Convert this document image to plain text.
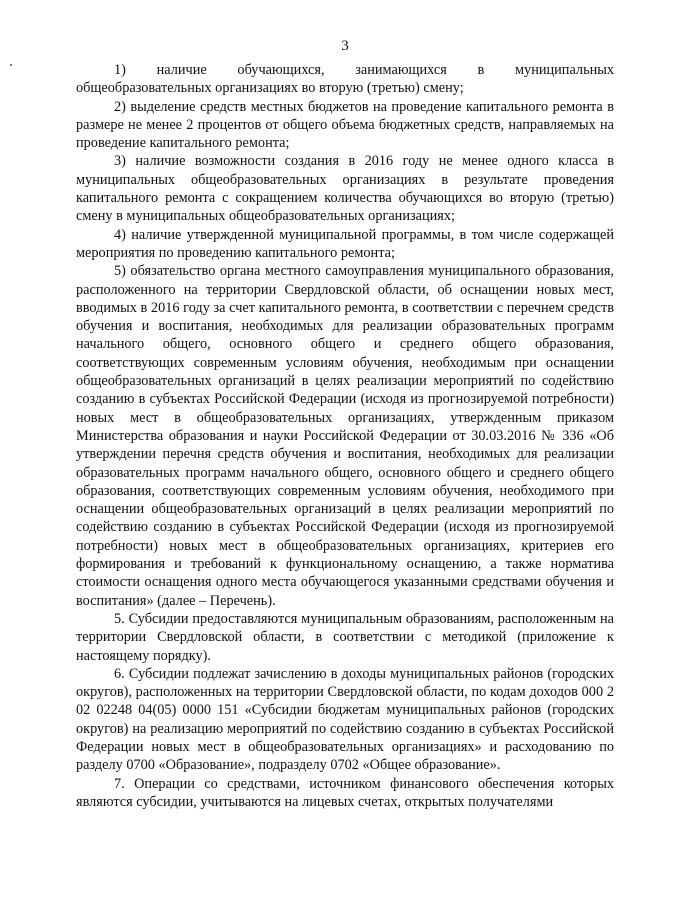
3

1) наличие обучающихся, занимающихся в муниципальных общеобразовательных организациях во вторую (третью) смену;

2) выделение средств местных бюджетов на проведение капитального ремонта в размере не менее 2 процентов от общего объема бюджетных средств, направляемых на проведение капитального ремонта;

3) наличие возможности создания в 2016 году не менее одного класса в муниципальных общеобразовательных организациях в результате проведения капитального ремонта с сокращением количества обучающихся во вторую (третью) смену в муниципальных общеобразовательных организациях;

4) наличие утвержденной муниципальной программы, в том числе содержащей мероприятия по проведению капитального ремонта;

5) обязательство органа местного самоуправления муниципального образования, расположенного на территории Свердловской области, об оснащении новых мест, вводимых в 2016 году за счет капитального ремонта, в соответствии с перечнем средств обучения и воспитания, необходимых для реализации образовательных программ начального общего, основного общего и среднего общего образования, соответствующих современным условиям обучения, необходимым при оснащении общеобразовательных организаций в целях реализации мероприятий по содействию созданию в субъектах Российской Федерации (исходя из прогнозируемой потребности) новых мест в общеобразовательных организациях, утвержденным приказом Министерства образования и науки Российской Федерации от 30.03.2016 № 336 «Об утверждении перечня средств обучения и воспитания, необходимых для реализации образовательных программ начального общего, основного общего и среднего общего образования, соответствующих современным условиям обучения, необходимого при оснащении общеобразовательных организаций в целях реализации мероприятий по содействию созданию в субъектах Российской Федерации (исходя из прогнозируемой потребности) новых мест в общеобразовательных организациях, критериев его формирования и требований к функциональному оснащению, а также норматива стоимости оснащения одного места обучающегося указанными средствами обучения и воспитания» (далее – Перечень).

5. Субсидии предоставляются муниципальным образованиям, расположенным на территории Свердловской области, в соответствии с методикой (приложение к настоящему порядку).

6. Субсидии подлежат зачислению в доходы муниципальных районов (городских округов), расположенных на территории Свердловской области, по кодам доходов 000 2 02 02248 04(05) 0000 151 «Субсидии бюджетам муниципальных районов (городских округов) на реализацию мероприятий по содействию созданию в субъектах Российской Федерации новых мест в общеобразовательных организациях» и расходованию по разделу 0700 «Образование», подразделу 0702 «Общее образование».

7. Операции со средствами, источником финансового обеспечения которых являются субсидии, учитываются на лицевых счетах, открытых получателями
